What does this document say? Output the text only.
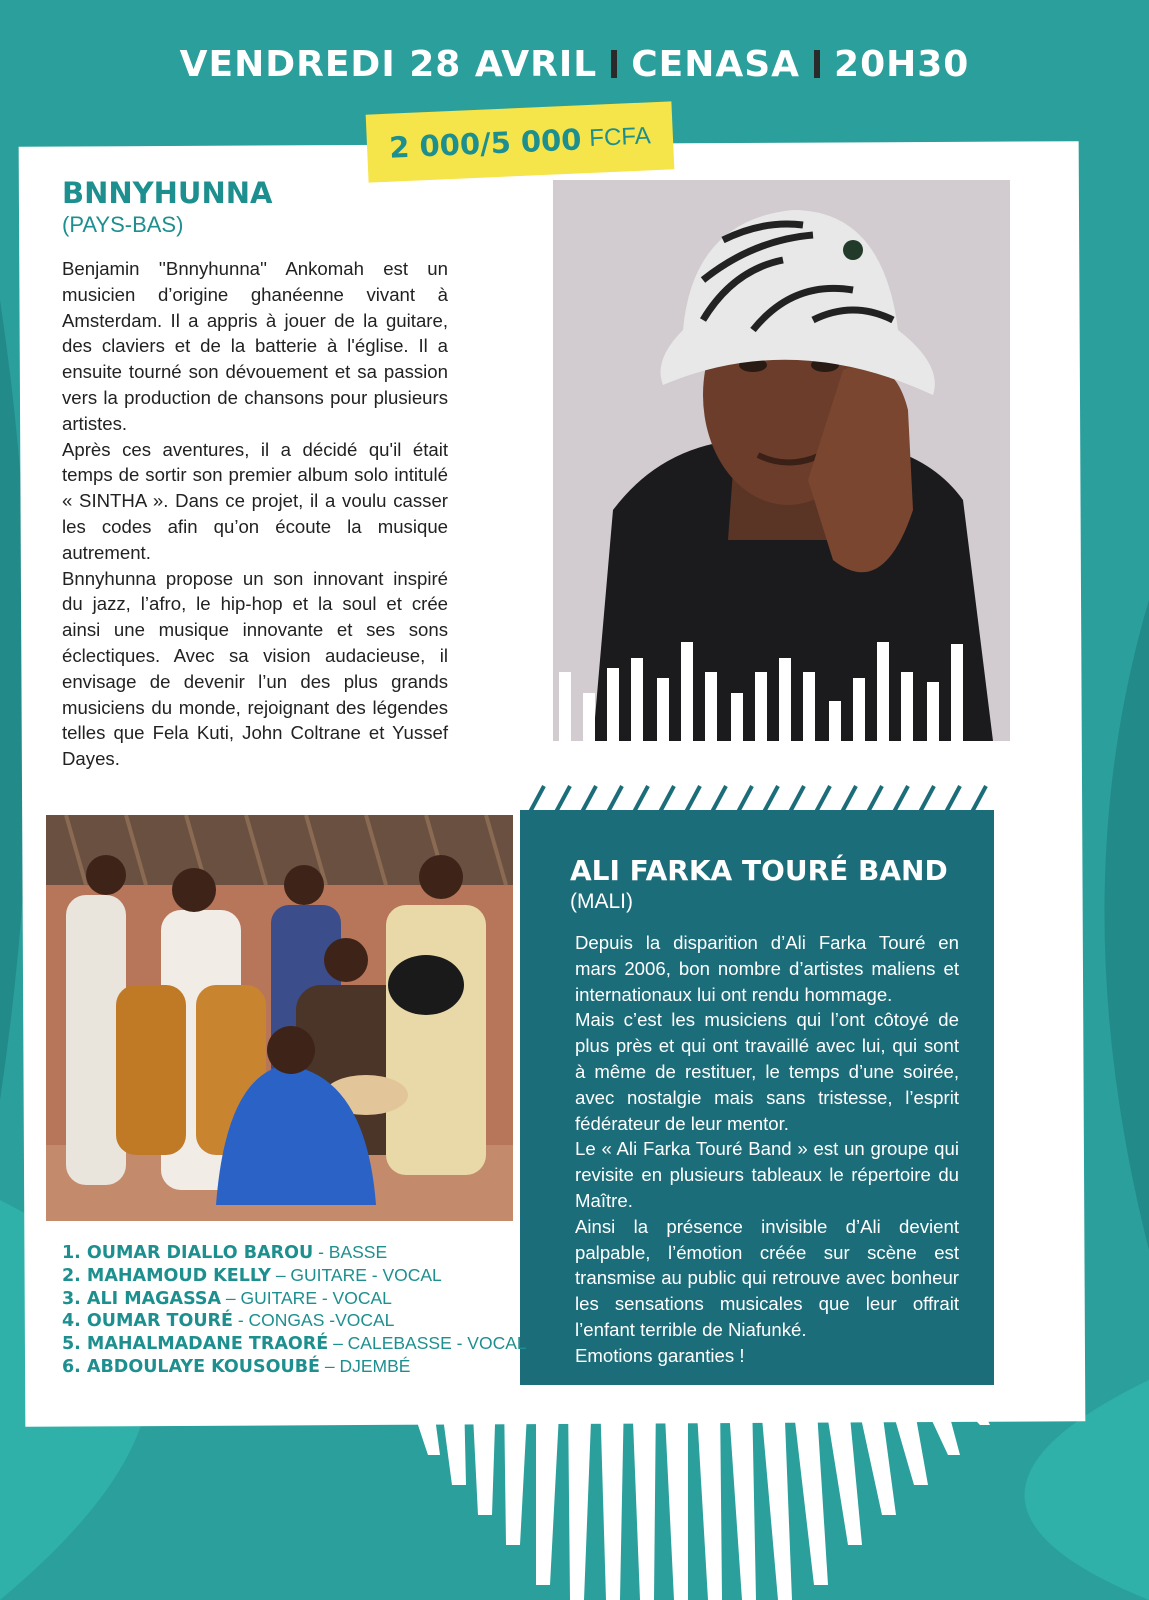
VENDREDI 28 AVRIL CENASA 20H30
2 000/5 000 FCFA
BNNYHUNNA
(PAYS-BAS)

Benjamin ''Bnnyhunna'' Ankomah est un musicien d’origine ghanéenne vivant à Amsterdam. Il a appris à jouer de la guitare, des claviers et de la batterie à l'église. Il a ensuite tourné son dévouement et sa passion vers la production de chansons pour plusieurs artistes.

Après ces aventures, il a décidé qu'il était temps de sortir son premier album solo intitulé « SINTHA ». Dans ce projet, il a voulu casser les codes afin qu’on écoute la musique autrement.

Bnnyhunna propose un son innovant inspiré du jazz, l’afro, le hip-hop et la soul et crée ainsi une musique innovante et ses sons éclectiques. Avec sa vision audacieuse, il envisage de devenir l’un des plus grands musiciens du monde, rejoignant des légendes telles que Fela Kuti, John Coltrane et Yussef Dayes.

ALI FARKA TOURÉ BAND
(MALI)

Depuis la disparition d’Ali Farka Touré en mars 2006, bon nombre d’artistes maliens et internationaux lui ont rendu hommage.

Mais c’est les musiciens qui l’ont côtoyé de plus près et qui ont travaillé avec lui, qui sont à même de restituer, le temps d’une soirée, avec nostalgie mais sans tristesse, l’esprit fédérateur de leur mentor.

Le « Ali Farka Touré Band » est un groupe qui revisite en plusieurs tableaux le répertoire du Maître.

Ainsi la présence invisible d’Ali devient palpable, l’émotion créée sur scène est transmise au public qui retrouve avec bonheur les sensations musicales que leur offrait l’enfant terrible de Niafunké.

Emotions garanties !

1. OUMAR DIALLO BAROU - BASSE
2. MAHAMOUD KELLY – GUITARE - VOCAL
3. ALI MAGASSA – GUITARE - VOCAL
4. OUMAR TOURÉ - CONGAS -VOCAL
5. MAHALMADANE TRAORÉ – CALEBASSE - VOCAL
6. ABDOULAYE KOUSOUBÉ – DJEMBÉ
